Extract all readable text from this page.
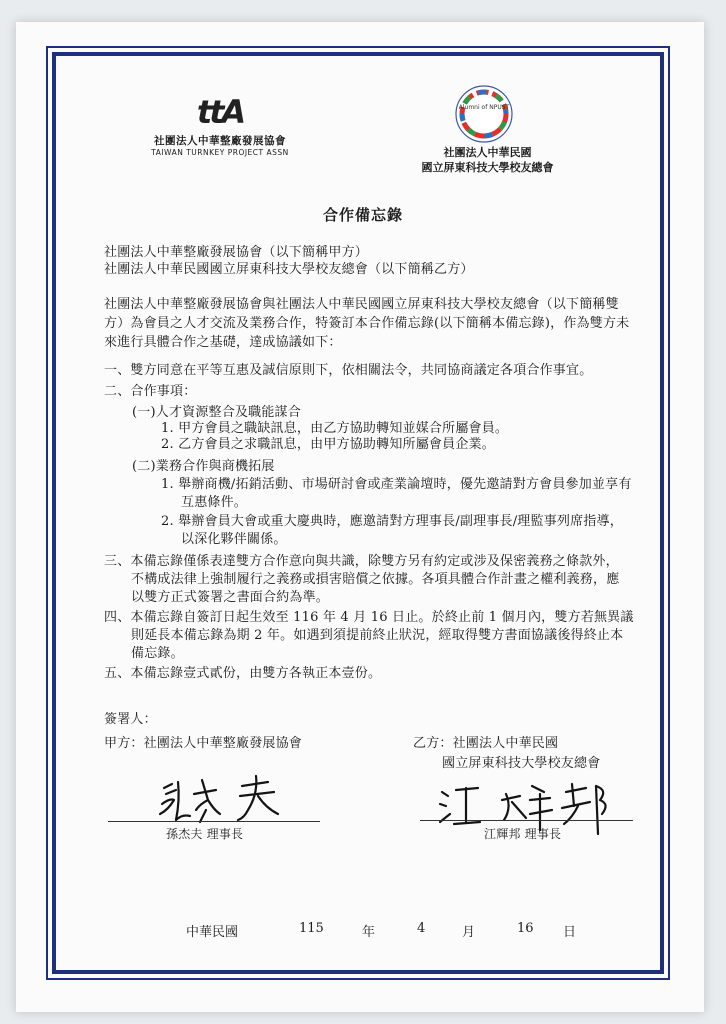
ttA
社團法人中華整廠發展協會
TAIWAN TURNKEY PROJECT ASSN
Alumni of NPUST
社團法人中華民國
國立屏東科技大學校友總會
合作備忘錄
社團法人中華整廠發展協會（以下簡稱甲方）
社團法人中華民國國立屏東科技大學校友總會（以下簡稱乙方）
社團法人中華整廠發展協會與社團法人中華民國國立屏東科技大學校友總會（以下簡稱雙
方）為會員之人才交流及業務合作，特簽訂本合作備忘錄(以下簡稱本備忘錄)，作為雙方未
來進行具體合作之基礎，達成協議如下：
一、雙方同意在平等互惠及誠信原則下，依相關法令，共同協商議定各項合作事宜。
二、合作事項：
(一)人才資源整合及職能謀合
1. 甲方會員之職缺訊息，由乙方協助轉知並媒合所屬會員。
2. 乙方會員之求職訊息，由甲方協助轉知所屬會員企業。
(二)業務合作與商機拓展
1. 舉辦商機/拓銷活動、市場研討會或產業論壇時，優先邀請對方會員參加並享有
互惠條件。
2. 舉辦會員大會或重大慶典時，應邀請對方理事長/副理事長/理監事列席指導，
以深化夥伴關係。
三、本備忘錄僅係表達雙方合作意向與共識，除雙方另有約定或涉及保密義務之條款外，
不構成法律上強制履行之義務或損害賠償之依據。各項具體合作計畫之權利義務，應
以雙方正式簽署之書面合約為準。
四、本備忘錄自簽訂日起生效至 116 年 4 月 16 日止。於終止前 1 個月內，雙方若無異議
則延長本備忘錄為期 2 年。如遇到須提前終止狀況，經取得雙方書面協議後得終止本
備忘錄。
五、本備忘錄壹式貳份，由雙方各執正本壹份。
簽署人：
甲方：社團法人中華整廠發展協會	乙方：社團法人中華民國
國立屏東科技大學校友總會
孫杰夫 理事長	江輝邦 理事長
中華民國	115	年	4	月	16 日
